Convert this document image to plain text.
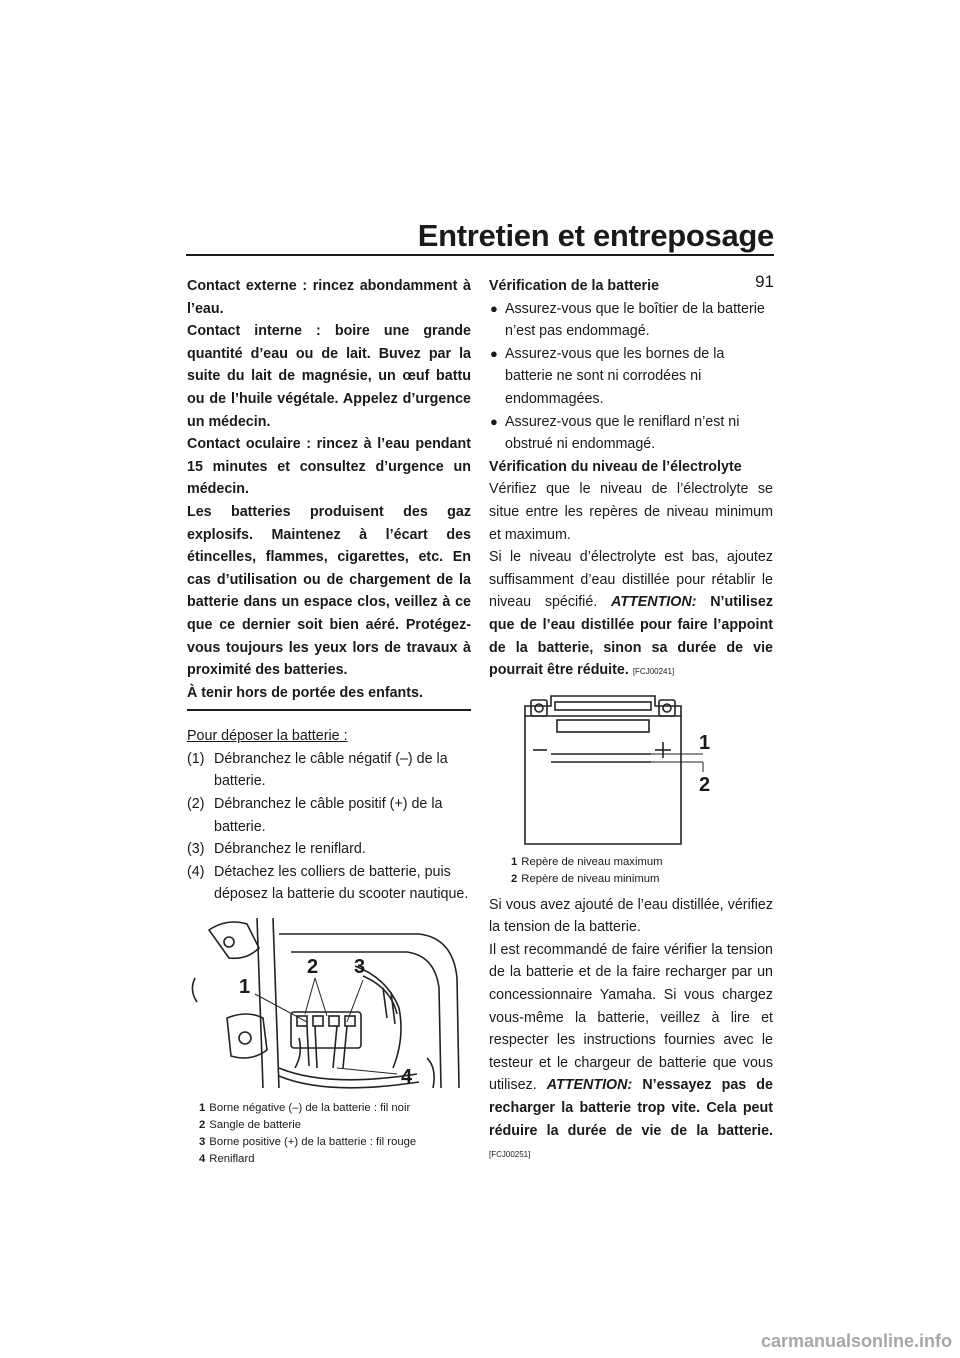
Entretien et entreposage
91

Contact externe : rincez abondamment à l’eau.

Contact interne : boire une grande quantité d’eau ou de lait. Buvez par la suite du lait de magnésie, un œuf battu ou de l’huile végétale. Appelez d’urgence un médecin.

Contact oculaire : rincez à l’eau pendant 15 minutes et consultez d’urgence un médecin.

Les batteries produisent des gaz explosifs. Maintenez à l’écart des étincelles, flammes, cigarettes, etc. En cas d’utilisation ou de chargement de la batterie dans un espace clos, veillez à ce que ce dernier soit bien aéré. Protégez-vous toujours les yeux lors de travaux à proximité des batteries.

À tenir hors de portée des enfants.

Pour déposer la batterie :

(1) Débranchez le câble négatif (–) de la batterie.
(2) Débranchez le câble positif (+) de la batterie.
(3) Débranchez le reniflard.
(4) Détachez les colliers de batterie, puis déposez la batterie du scooter nautique.
1
2 3
4
1 Borne négative (–) de la batterie : fil noir
2 Sangle de batterie
3 Borne positive (+) de la batterie : fil rouge
4 Reniflard

Vérification de la batterie

● Assurez-vous que le boîtier de la batterie n’est pas endommagé.
● Assurez-vous que les bornes de la batterie ne sont ni corrodées ni endommagées.
● Assurez-vous que le reniflard n’est ni obstrué ni endommagé.

Vérification du niveau de l’électrolyte

Vérifiez que le niveau de l’électrolyte se situe entre les repères de niveau minimum et maximum.

Si le niveau d’électrolyte est bas, ajoutez suffisamment d’eau distillée pour rétablir le niveau spécifié. ATTENTION: N’utilisez que de l’eau distillée pour faire l’appoint de la batterie, sinon sa durée de vie pourrait être réduite. [FCJ00241]

1
2
1 Repère de niveau maximum
2 Repère de niveau minimum

Si vous avez ajouté de l’eau distillée, vérifiez la tension de la batterie.

Il est recommandé de faire vérifier la tension de la batterie et de la faire recharger par un concessionnaire Yamaha. Si vous chargez vous-même la batterie, veillez à lire et respecter les instructions fournies avec le testeur et le chargeur de batterie que vous utilisez. ATTENTION: N’essayez pas de recharger la batterie trop vite. Cela peut réduire la durée de vie de la batterie. [FCJ00251]

carmanualsonline.info
